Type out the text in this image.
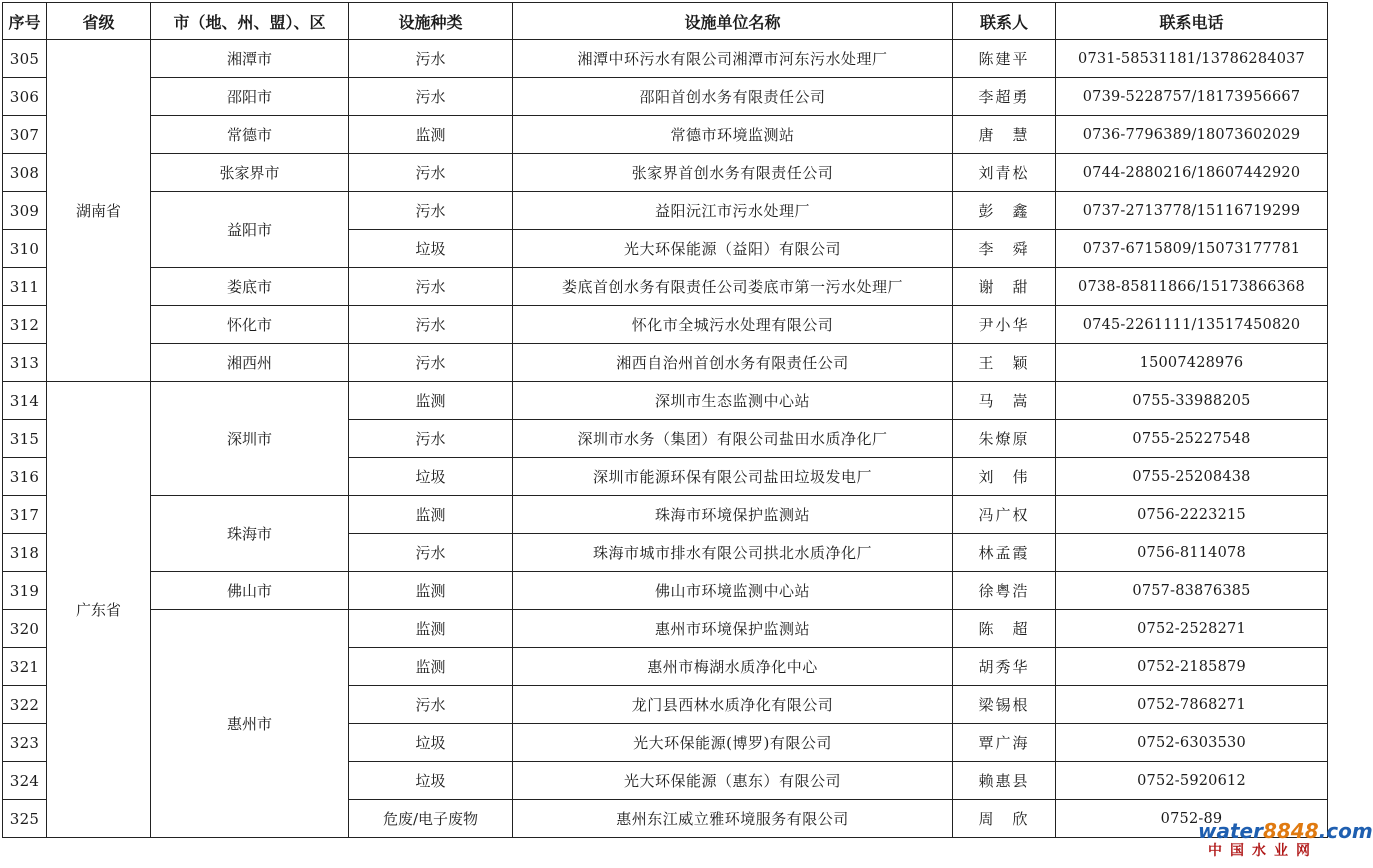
序号	省级	市（地、州、盟）、区	设施种类	设施单位名称	联系人	联系电话
305	湖南省	湘潭市	污水	湘潭中环污水有限公司湘潭市河东污水处理厂	陈建平	0731-58531181/13786284037
306		邵阳市	污水	邵阳首创水务有限责任公司	李超勇	0739-5228757/18173956667
307		常德市	监测	常德市环境监测站	唐　慧	0736-7796389/18073602029
308		张家界市	污水	张家界首创水务有限责任公司	刘青松	0744-2880216/18607442920
309		益阳市	污水	益阳沅江市污水处理厂	彭　鑫	0737-2713778/15116719299
310			垃圾	光大环保能源（益阳）有限公司	李　舜	0737-6715809/15073177781
311		娄底市	污水	娄底首创水务有限责任公司娄底市第一污水处理厂	谢　甜	0738-85811866/15173866368
312		怀化市	污水	怀化市全城污水处理有限公司	尹小华	0745-2261111/13517450820
313		湘西州	污水	湘西自治州首创水务有限责任公司	王　颖	15007428976
314	广东省	深圳市	监测	深圳市生态监测中心站	马　嵩	0755-33988205
315			污水	深圳市水务（集团）有限公司盐田水质净化厂	朱燎原	0755-25227548
316			垃圾	深圳市能源环保有限公司盐田垃圾发电厂	刘　伟	0755-25208438
317		珠海市	监测	珠海市环境保护监测站	冯广权	0756-2223215
318			污水	珠海市城市排水有限公司拱北水质净化厂	林孟霞	0756-8114078
319		佛山市	监测	佛山市环境监测中心站	徐粤浩	0757-83876385
320		惠州市	监测	惠州市环境保护监测站	陈　超	0752-2528271
321			监测	惠州市梅湖水质净化中心	胡秀华	0752-2185879
322			污水	龙门县西林水质净化有限公司	梁锡根	0752-7868271
323			垃圾	光大环保能源(博罗)有限公司	覃广海	0752-6303530
324			垃圾	光大环保能源（惠东）有限公司	赖惠县	0752-5920612
325			危废/电子废物	惠州东江威立雅环境服务有限公司	周　欣	0752-89
water8848.com
中国水业网
